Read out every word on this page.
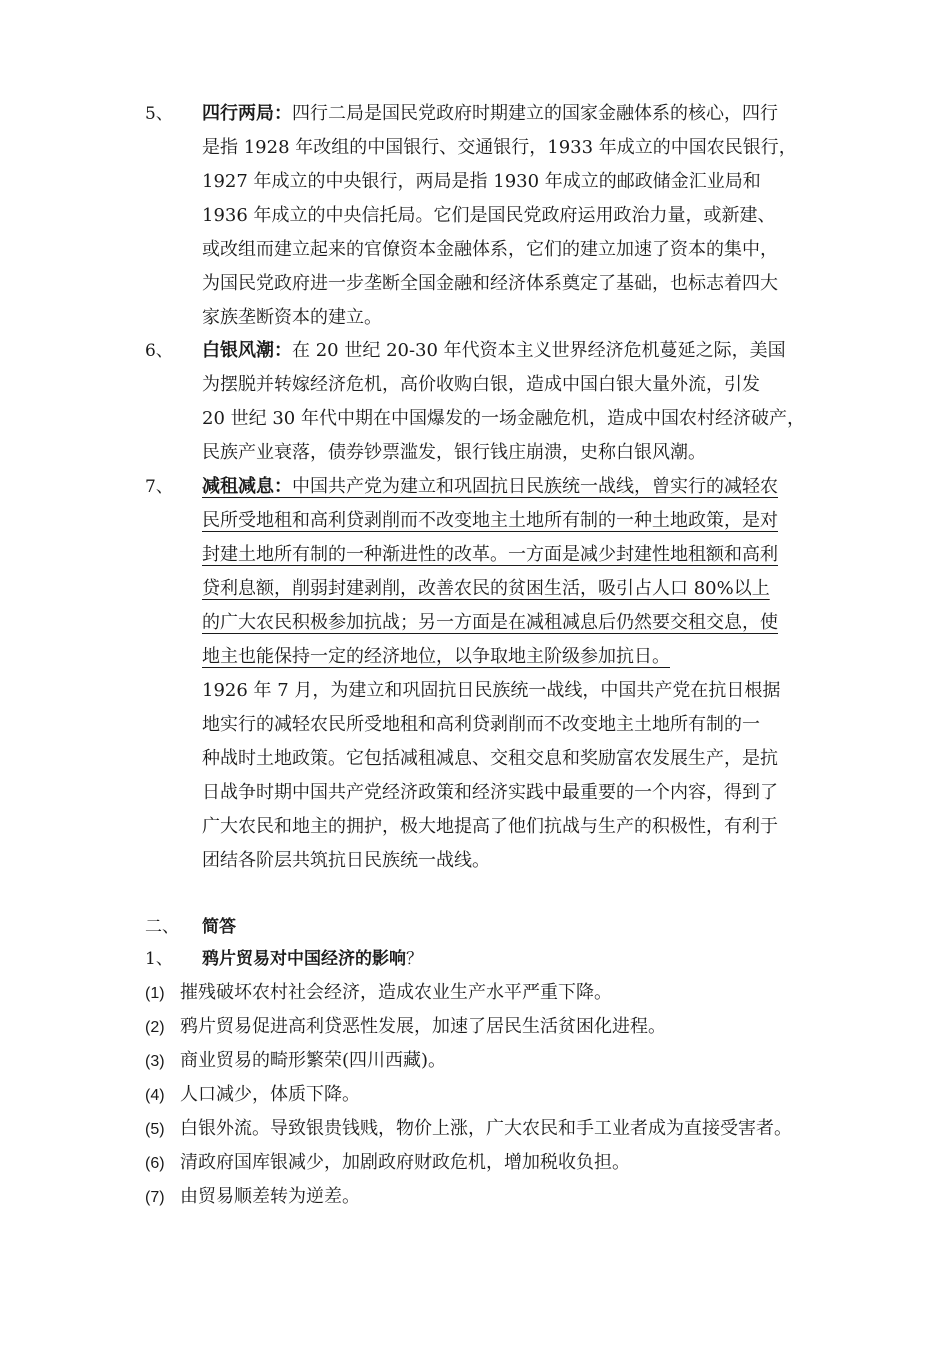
5、 四行两局：四行二局是国民党政府时期建立的国家金融体系的核心，四行
是指 1928 年改组的中国银行、交通银行，1933 年成立的中国农民银行，
1927 年成立的中央银行，两局是指 1930 年成立的邮政储金汇业局和
1936 年成立的中央信托局。它们是国民党政府运用政治力量，或新建、
或改组而建立起来的官僚资本金融体系，它们的建立加速了资本的集中，
为国民党政府进一步垄断全国金融和经济体系奠定了基础，也标志着四大
家族垄断资本的建立。
6、 白银风潮：在 20 世纪 20-30 年代资本主义世界经济危机蔓延之际，美国
为摆脱并转嫁经济危机，高价收购白银，造成中国白银大量外流，引发
20 世纪 30 年代中期在中国爆发的一场金融危机，造成中国农村经济破产，
民族产业衰落，债券钞票滥发，银行钱庄崩溃，史称白银风潮。
7、 减租减息：中国共产党为建立和巩固抗日民族统一战线，曾实行的减轻农
民所受地租和高利贷剥削而不改变地主土地所有制的一种土地政策，是对
封建土地所有制的一种渐进性的改革。一方面是减少封建性地租额和高利
贷利息额，削弱封建剥削，改善农民的贫困生活，吸引占人口 80%以上
的广大农民积极参加抗战；另一方面是在减租减息后仍然要交租交息，使
地主也能保持一定的经济地位，以争取地主阶级参加抗日。
1926 年 7 月，为建立和巩固抗日民族统一战线，中国共产党在抗日根据
地实行的减轻农民所受地租和高利贷剥削而不改变地主土地所有制的一
种战时土地政策。它包括减租减息、交租交息和奖励富农发展生产，是抗
日战争时期中国共产党经济政策和经济实践中最重要的一个内容，得到了
广大农民和地主的拥护，极大地提高了他们抗战与生产的积极性，有利于
团结各阶层共筑抗日民族统一战线。
二、 简答
1、 鸦片贸易对中国经济的影响？
(1) 摧残破坏农村社会经济，造成农业生产水平严重下降。
(2) 鸦片贸易促进高利贷恶性发展，加速了居民生活贫困化进程。
(3) 商业贸易的畸形繁荣(四川西藏)。
(4) 人口减少，体质下降。
(5) 白银外流。导致银贵钱贱，物价上涨，广大农民和手工业者成为直接受害者。
(6) 清政府国库银减少，加剧政府财政危机，增加税收负担。
(7) 由贸易顺差转为逆差。
